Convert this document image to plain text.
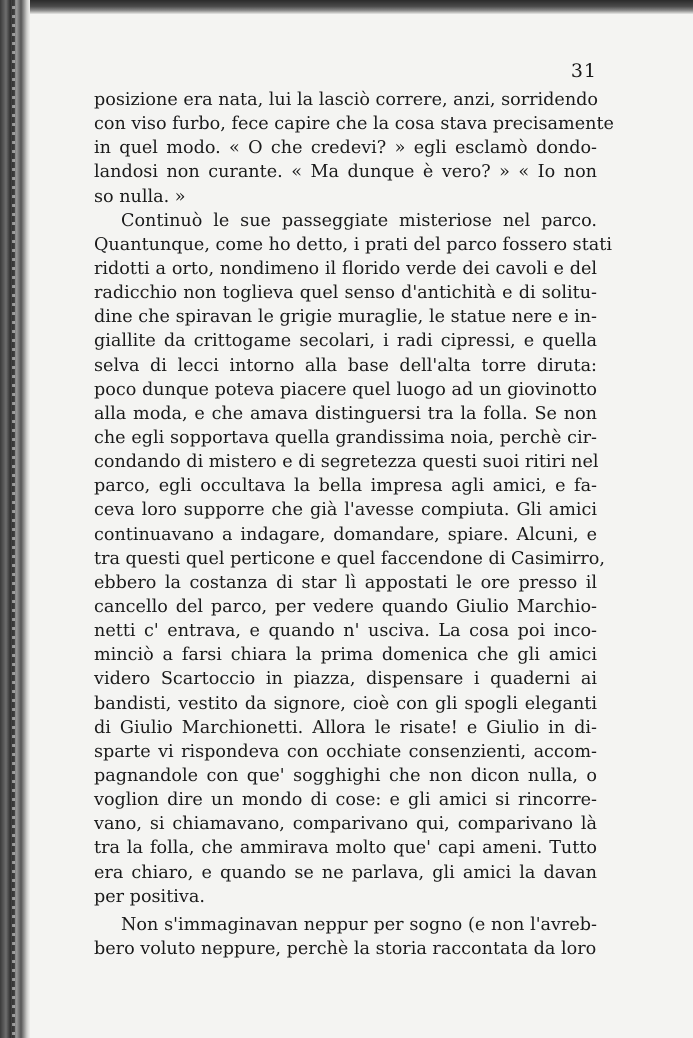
31
posizione era nata, lui la lasciò correre, anzi, sorridendo
con viso furbo, fece capire che la cosa stava precisamente
in quel modo. « O che credevi? » egli esclamò dondo-
landosi non curante. « Ma dunque è vero? » « Io non
so nulla. »
Continuò le sue passeggiate misteriose nel parco.
Quantunque, come ho detto, i prati del parco fossero stati
ridotti a orto, nondimeno il florido verde dei cavoli e del
radicchio non toglieva quel senso d'antichità e di solitu-
dine che spiravan le grigie muraglie, le statue nere e in-
giallite da crittogame secolari, i radi cipressi, e quella
selva di lecci intorno alla base dell'alta torre diruta:
poco dunque poteva piacere quel luogo ad un giovinotto
alla moda, e che amava distinguersi tra la folla. Se non
che egli sopportava quella grandissima noia, perchè cir-
condando di mistero e di segretezza questi suoi ritiri nel
parco, egli occultava la bella impresa agli amici, e fa-
ceva loro supporre che già l'avesse compiuta. Gli amici
continuavano a indagare, domandare, spiare. Alcuni, e
tra questi quel perticone e quel faccendone di Casimirro,
ebbero la costanza di star lì appostati le ore presso il
cancello del parco, per vedere quando Giulio Marchio-
netti c' entrava, e quando n' usciva. La cosa poi inco-
minciò a farsi chiara la prima domenica che gli amici
videro Scartoccio in piazza, dispensare i quaderni ai
bandisti, vestito da signore, cioè con gli spogli eleganti
di Giulio Marchionetti. Allora le risate! e Giulio in di-
sparte vi rispondeva con occhiate consenzienti, accom-
pagnandole con que' sogghighi che non dicon nulla, o
voglion dire un mondo di cose: e gli amici si rincorre-
vano, si chiamavano, comparivano qui, comparivano là
tra la folla, che ammirava molto que' capi ameni. Tutto
era chiaro, e quando se ne parlava, gli amici la davan
per positiva.
Non s'immaginavan neppur per sogno (e non l'avreb-
bero voluto neppure, perchè la storia raccontata da loro
